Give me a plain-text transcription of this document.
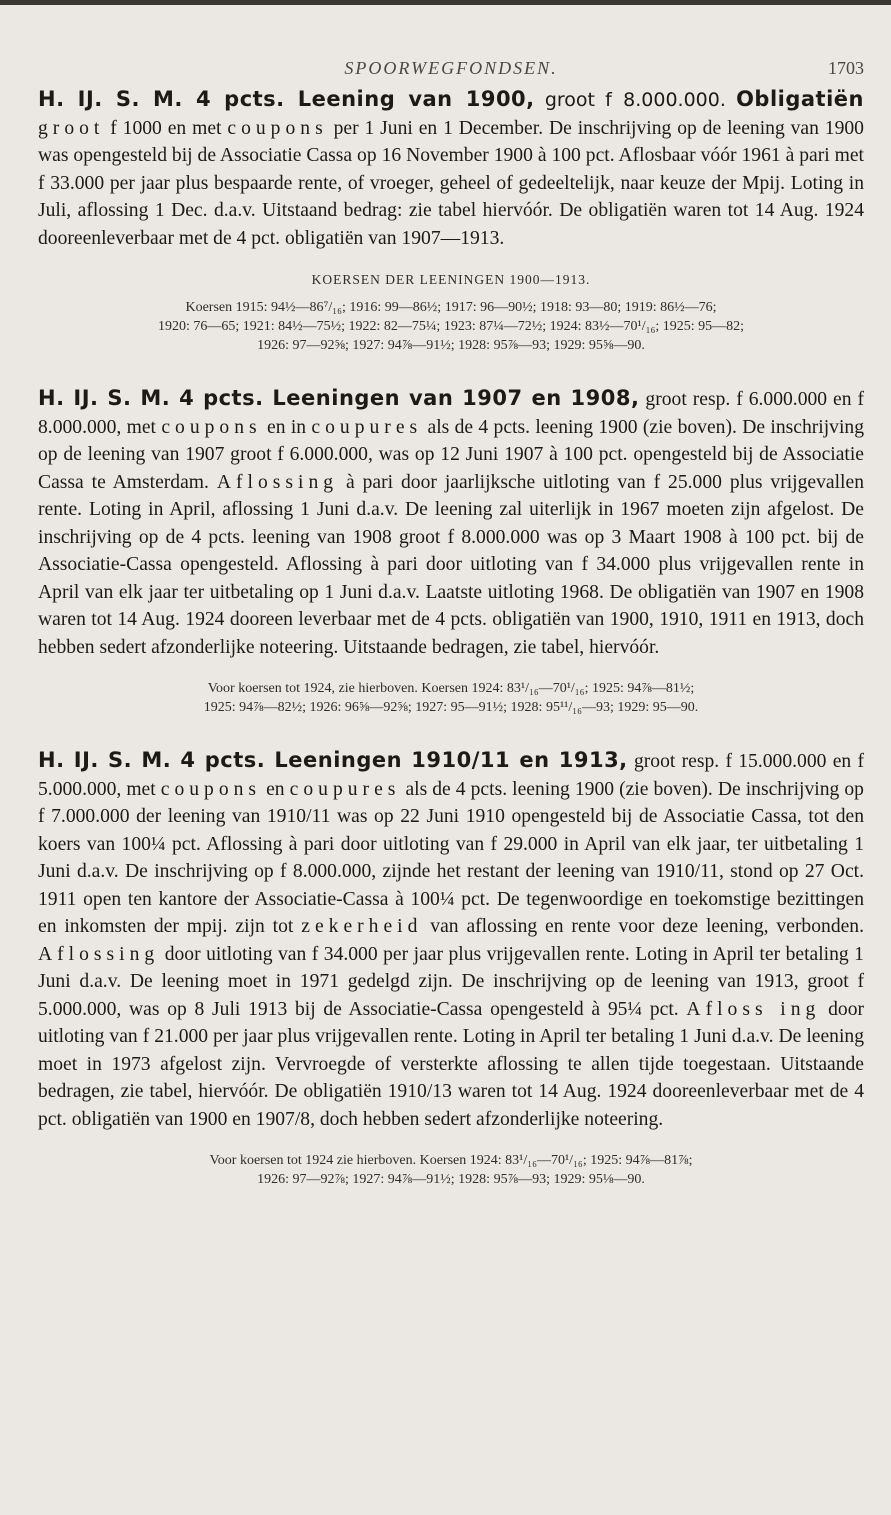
SPOORWEGFONDSEN.	1703

H. IJ. S. M. 4 pcts. Leening van 1900, groot f 8.000.000. Obligatiën groot f 1000 en met coupons per 1 Juni en 1 December. De inschrijving op de leening van 1900 was opengesteld bij de Associatie Cassa op 16 November 1900 à 100 pct. Aflosbaar vóór 1961 à pari met f 33.000 per jaar plus bespaarde rente, of vroeger, geheel of gedeeltelijk, naar keuze der Mpij. Loting in Juli, aflossing 1 Dec. d.a.v. Uitstaand bedrag: zie tabel hiervóór. De obligatiën waren tot 14 Aug. 1924 dooreenleverbaar met de 4 pct. obligatiën van 1907—1913.

KOERSEN DER LEENINGEN 1900—1913.

Koersen 1915: 94½—86⁷/₁₆; 1916: 99—86½; 1917: 96—90½; 1918: 93—80; 1919: 86½—76;

1920: 76—65; 1921: 84½—75½; 1922: 82—75¼; 1923: 87¼—72½; 1924: 83½—70¹/₁₆; 1925: 95—82;

1926: 97—92⅝; 1927: 94⅞—91½; 1928: 95⅞—93; 1929: 95⅝—90.

H. IJ. S. M. 4 pcts. Leeningen van 1907 en 1908, groot resp. f 6.000.000 en f 8.000.000, met coupons en in coupures als de 4 pcts. leening 1900 (zie boven). De inschrijving op de leening van 1907 groot f 6.000.000, was op 12 Juni 1907 à 100 pct. opengesteld bij de Associatie Cassa te Amsterdam. Aflossing à pari door jaarlijksche uitloting van f 25.000 plus vrijgevallen rente. Loting in April, aflossing 1 Juni d.a.v. De leening zal uiterlijk in 1967 moeten zijn afgelost. De inschrijving op de 4 pcts. leening van 1908 groot f 8.000.000 was op 3 Maart 1908 à 100 pct. bij de Associatie-Cassa opengesteld. Aflossing à pari door uitloting van f 34.000 plus vrijgevallen rente in April van elk jaar ter uitbetaling op 1 Juni d.a.v. Laatste uitloting 1968. De obligatiën van 1907 en 1908 waren tot 14 Aug. 1924 dooreen leverbaar met de 4 pcts. obligatiën van 1900, 1910, 1911 en 1913, doch hebben sedert afzonderlijke noteering. Uitstaande bedragen, zie tabel, hiervóór.

Voor koersen tot 1924, zie hierboven. Koersen 1924: 83¹/₁₆—70¹/₁₆; 1925: 94⅞—81½;

1925: 94⅞—82½; 1926: 96⅝—92⅝; 1927: 95—91½; 1928: 95¹¹/₁₆—93; 1929: 95—90.

H. IJ. S. M. 4 pcts. Leeningen 1910/11 en 1913, groot resp. f 15.000.000 en f 5.000.000, met coupons en coupures als de 4 pcts. leening 1900 (zie boven). De inschrijving op f 7.000.000 der leening van 1910/11 was op 22 Juni 1910 opengesteld bij de Associatie Cassa, tot den koers van 100¼ pct. Aflossing à pari door uitloting van f 29.000 in April van elk jaar, ter uitbetaling 1 Juni d.a.v. De inschrijving op f 8.000.000, zijnde het restant der leening van 1910/11, stond op 27 Oct. 1911 open ten kantore der Associatie-Cassa à 100¼ pct. De tegenwoordige en toekomstige bezittingen en inkomsten der mpij. zijn tot zekerheid van aflossing en rente voor deze leening, verbonden. Aflossing door uitloting van f 34.000 per jaar plus vrijgevallen rente. Loting in April ter betaling 1 Juni d.a.v. De leening moet in 1971 gedelgd zijn. De inschrijving op de leening van 1913, groot f 5.000.000, was op 8 Juli 1913 bij de Associatie-Cassa opengesteld à 95¼ pct. Afloss ing door uitloting van f 21.000 per jaar plus vrijgevallen rente. Loting in April ter betaling 1 Juni d.a.v. De leening moet in 1973 afgelost zijn. Vervroegde of versterkte aflossing te allen tijde toegestaan. Uitstaande bedragen, zie tabel, hiervóór. De obligatiën 1910/13 waren tot 14 Aug. 1924 dooreenleverbaar met de 4 pct. obligatiën van 1900 en 1907/8, doch hebben sedert afzonderlijke noteering.

Voor koersen tot 1924 zie hierboven. Koersen 1924: 83¹/₁₆—70¹/₁₆; 1925: 94⅞—81⅞;

1926: 97—92⅞; 1927: 94⅞—91½; 1928: 95⅞—93; 1929: 95⅛—90.
